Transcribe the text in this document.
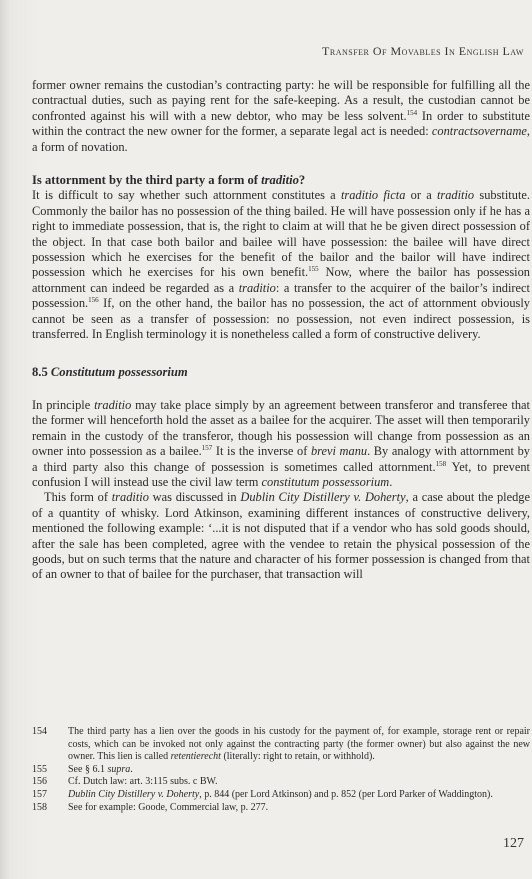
Transfer Of Movables In English Law

former owner remains the custodian’s contracting party: he will be responsible for fulfilling all the contractual duties, such as paying rent for the safe-keeping. As a result, the custodian cannot be confronted against his will with a new debtor, who may be less solvent.$^{154}$ In order to substitute within the contract the new owner for the former, a separate legal act is needed: contractsovername, a form of novation.

Is attornment by the third party a form of traditio?

It is difficult to say whether such attornment constitutes a traditio ficta or a traditio substitute. Commonly the bailor has no possession of the thing bailed. He will have possession only if he has a right to immediate possession, that is, the right to claim at will that he be given direct possession of the object. In that case both bailor and bailee will have possession: the bailee will have direct possession which he exercises for the benefit of the bailor and the bailor will have indirect possession which he exercises for his own benefit.$^{155}$ Now, where the bailor has possession attornment can indeed be regarded as a traditio: a transfer to the acquirer of the bailor’s indirect possession.$^{156}$ If, on the other hand, the bailor has no possession, the act of attornment obviously cannot be seen as a transfer of possession: no possession, not even indirect possession, is transferred. In English terminology it is nonetheless called a form of constructive delivery.

8.5 Constitutum possessorium

In principle traditio may take place simply by an agreement between transferor and transferee that the former will henceforth hold the asset as a bailee for the acquirer. The asset will then temporarily remain in the custody of the transferor, though his possession will change from possession as an owner into possession as a bailee.$^{157}$ It is the inverse of brevi manu. By analogy with attornment by a third party also this change of possession is sometimes called attornment.$^{158}$ Yet, to prevent confusion I will instead use the civil law term constitutum possessorium.

This form of traditio was discussed in Dublin City Distillery v. Doherty, a case about the pledge of a quantity of whisky. Lord Atkinson, examining different instances of constructive delivery, mentioned the following example: ‘...it is not disputed that if a vendor who has sold goods should, after the sale has been completed, agree with the vendee to retain the physical possession of the goods, but on such terms that the nature and character of his former possession is changed from that of an owner to that of bailee for the purchaser, that transaction will

154	The third party has a lien over the goods in his custody for the payment of, for example, storage rent or repair costs, which can be invoked not only against the contracting party (the former owner) but also against the new owner. This lien is called retentierecht (literally: right to retain, or withhold).
155	See § 6.1 supra.
156	Cf. Dutch law: art. 3:115 subs. c BW.
157	Dublin City Distillery v. Doherty, p. 844 (per Lord Atkinson) and p. 852 (per Lord Parker of Waddington).
158	See for example: Goode, Commercial law, p. 277.
127
